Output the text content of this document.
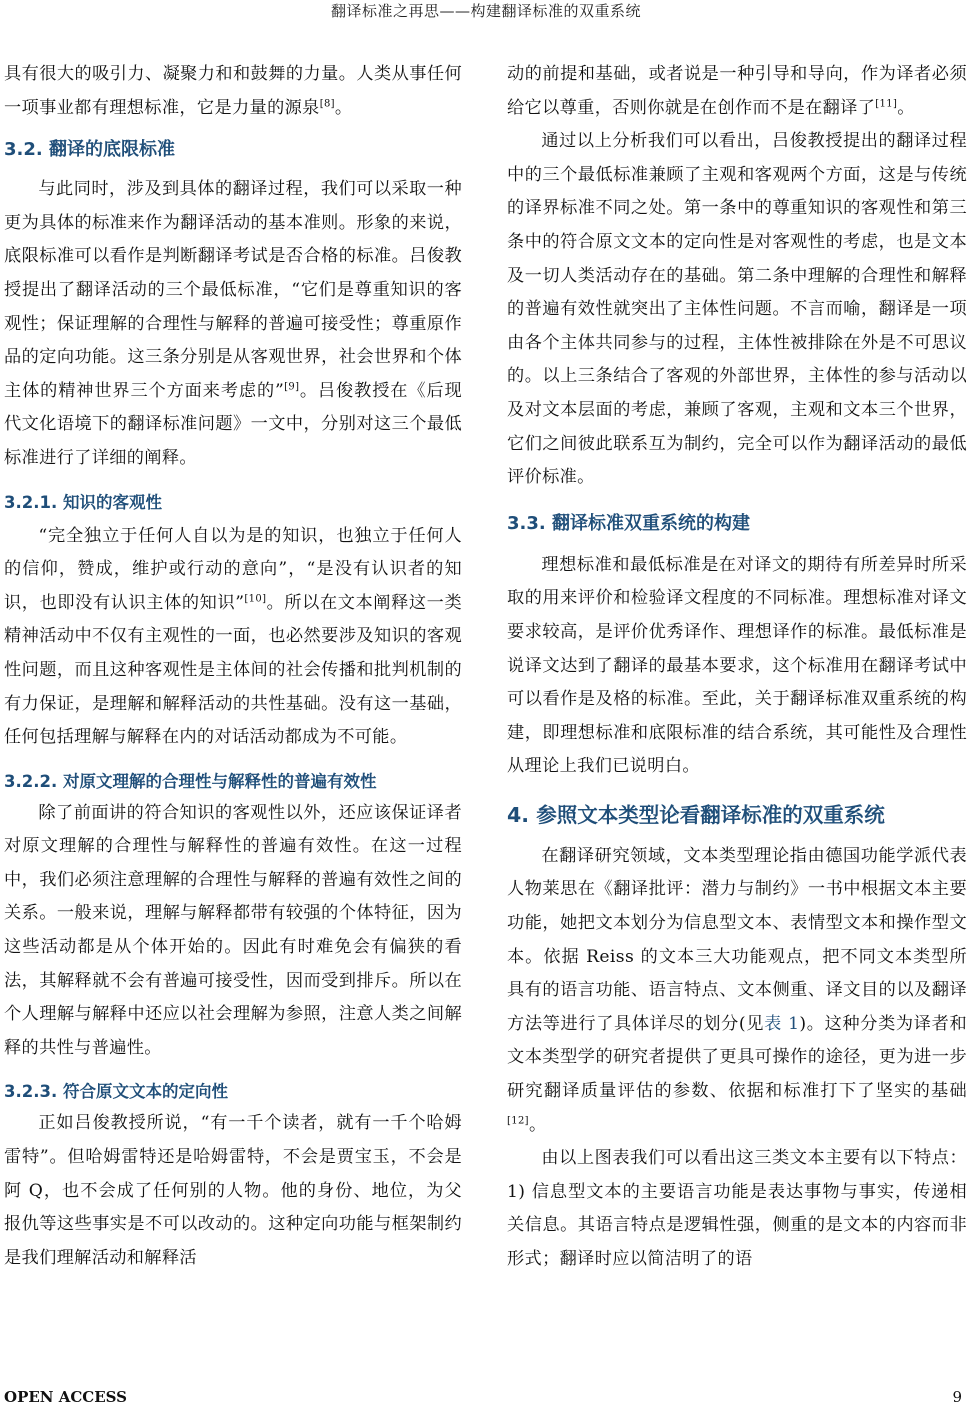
翻译标准之再思——构建翻译标准的双重系统

具有很大的吸引力、凝聚力和和鼓舞的力量。人类从事任何一项事业都有理想标准，它是力量的源泉[8]。

3.2. 翻译的底限标准

与此同时，涉及到具体的翻译过程，我们可以采取一种更为具体的标准来作为翻译活动的基本准则。形象的来说，底限标准可以看作是判断翻译考试是否合格的标准。吕俊教授提出了翻译活动的三个最低标准，“它们是尊重知识的客观性；保证理解的合理性与解释的普遍可接受性；尊重原作品的定向功能。这三条分别是从客观世界，社会世界和个体主体的精神世界三个方面来考虑的”[9]。吕俊教授在《后现代文化语境下的翻译标准问题》一文中，分别对这三个最低标准进行了详细的阐释。

3.2.1. 知识的客观性

“完全独立于任何人自以为是的知识，也独立于任何人的信仰，赞成，维护或行动的意向”，“是没有认识者的知识，也即没有认识主体的知识”[10]。所以在文本阐释这一类精神活动中不仅有主观性的一面，也必然要涉及知识的客观性问题，而且这种客观性是主体间的社会传播和批判机制的有力保证，是理解和解释活动的共性基础。没有这一基础，任何包括理解与解释在内的对话活动都成为不可能。

3.2.2. 对原文理解的合理性与解释性的普遍有效性

除了前面讲的符合知识的客观性以外，还应该保证译者对原文理解的合理性与解释性的普遍有效性。在这一过程中，我们必须注意理解的合理性与解释的普遍有效性之间的关系。一般来说，理解与解释都带有较强的个体特征，因为这些活动都是从个体开始的。因此有时难免会有偏狭的看法，其解释就不会有普遍可接受性，因而受到排斥。所以在个人理解与解释中还应以社会理解为参照，注意人类之间解释的共性与普遍性。

3.2.3. 符合原文文本的定向性

正如吕俊教授所说，“有一千个读者，就有一千个哈姆雷特”。但哈姆雷特还是哈姆雷特，不会是贾宝玉，不会是阿 Q，也不会成了任何别的人物。他的身份、地位，为父报仇等这些事实是不可以改动的。这种定向功能与框架制约是我们理解活动和解释活

动的前提和基础，或者说是一种引导和导向，作为译者必须给它以尊重，否则你就是在创作而不是在翻译了[11]。

通过以上分析我们可以看出，吕俊教授提出的翻译过程中的三个最低标准兼顾了主观和客观两个方面，这是与传统的译界标准不同之处。第一条中的尊重知识的客观性和第三条中的符合原文文本的定向性是对客观性的考虑，也是文本及一切人类活动存在的基础。第二条中理解的合理性和解释的普遍有效性就突出了主体性问题。不言而喻，翻译是一项由各个主体共同参与的过程，主体性被排除在外是不可思议的。以上三条结合了客观的外部世界，主体性的参与活动以及对文本层面的考虑，兼顾了客观，主观和文本三个世界，它们之间彼此联系互为制约，完全可以作为翻译活动的最低评价标准。

3.3. 翻译标准双重系统的构建

理想标准和最低标准是在对译文的期待有所差异时所采取的用来评价和检验译文程度的不同标准。理想标准对译文要求较高，是评价优秀译作、理想译作的标准。最低标准是说译文达到了翻译的最基本要求，这个标准用在翻译考试中可以看作是及格的标准。至此，关于翻译标准双重系统的构建，即理想标准和底限标准的结合系统，其可能性及合理性从理论上我们已说明白。

4. 参照文本类型论看翻译标准的双重系统

在翻译研究领域，文本类型理论指由德国功能学派代表人物莱思在《翻译批评：潜力与制约》一书中根据文本主要功能，她把文本划分为信息型文本、表情型文本和操作型文本。依据 Reiss 的文本三大功能观点，把不同文本类型所具有的语言功能、语言特点、文本侧重、译文目的以及翻译方法等进行了具体详尽的划分(见表 1)。这种分类为译者和文本类型学的研究者提供了更具可操作的途径，更为进一步研究翻译质量评估的参数、依据和标准打下了坚实的基础[12]。

由以上图表我们可以看出这三类文本主要有以下特点：1) 信息型文本的主要语言功能是表达事物与事实，传递相关信息。其语言特点是逻辑性强，侧重的是文本的内容而非形式；翻译时应以简洁明了的语

OPEN ACCESS	9
